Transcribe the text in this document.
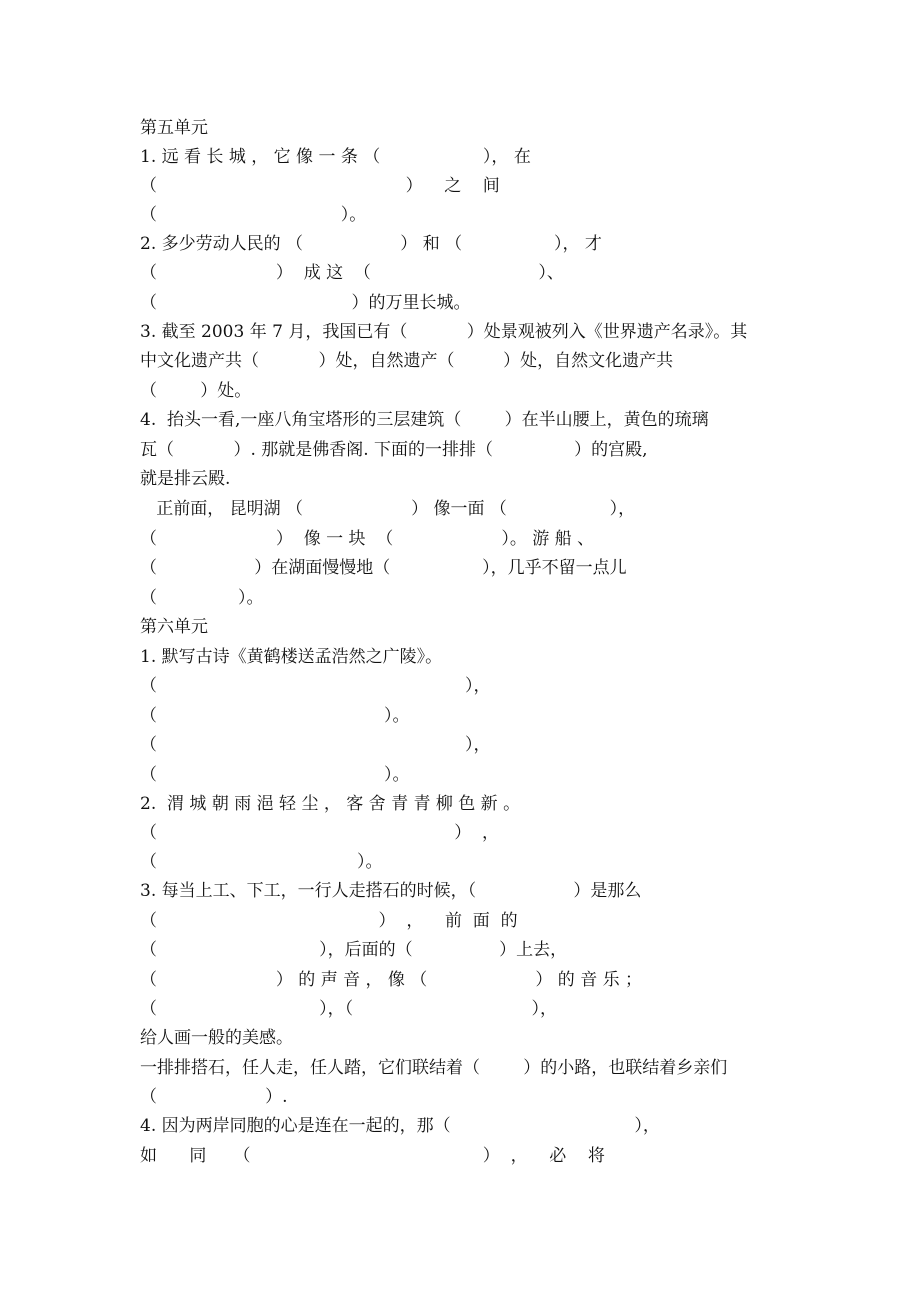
第五单元
1. 远 看 长 城 ， 它 像 一 条 （                   ）， 在
（                                              ）    之    间
（                                  ）。
2. 多少劳动人民的 （                  ） 和 （                 ）， 才
（                      ）  成 这  （                               ）、
（                                    ）的万里长城。
3. 截至 2003 年 7 月，我国已有（           ）处景观被列入《世界遗产名录》。其
中文化遗产共（           ）处，自然遗产（         ）处，自然文化遗产共
（        ）处。
4.  抬头一看,一座八角宝塔形的三层建筑（        ）在半山腰上，黄色的琉璃
瓦（           ）. 那就是佛香阁. 下面的一排排（               ）的宫殿,
就是排云殿.
正前面， 昆明湖 （                    ） 像一面 （                   ），
（                      ）  像 一 块  （                    ）。 游 船 、
（                  ）在湖面慢慢地（                 ），几乎不留一点儿
（               ）。
第六单元
1. 默写古诗《黄鹤楼送孟浩然之广陵》。
（                                                         ），
（                                          ）。
（                                                         ），
（                                          ）。
2.  渭 城 朝 雨 浥 轻 尘 ， 客 舍 青 青 柳 色 新 。
（                                                       ）  ，
（                                     ）。
3. 每当上工、下工，一行人走搭石的时候，（                  ）是那么
（                                         ）  ，    前  面  的
（                              ），后面的（                ）上去，
（                      ） 的 声 音 ， 像 （                    ） 的 音 乐 ；
（                              ），（                                 ），
给人画一般的美感。
一排排搭石，任人走，任人踏，它们联结着（        ）的小路，也联结着乡亲们
（                    ）.
4. 因为两岸同胞的心是连在一起的，那（                                  ），
如      同     （                                           ）  ，    必    将
